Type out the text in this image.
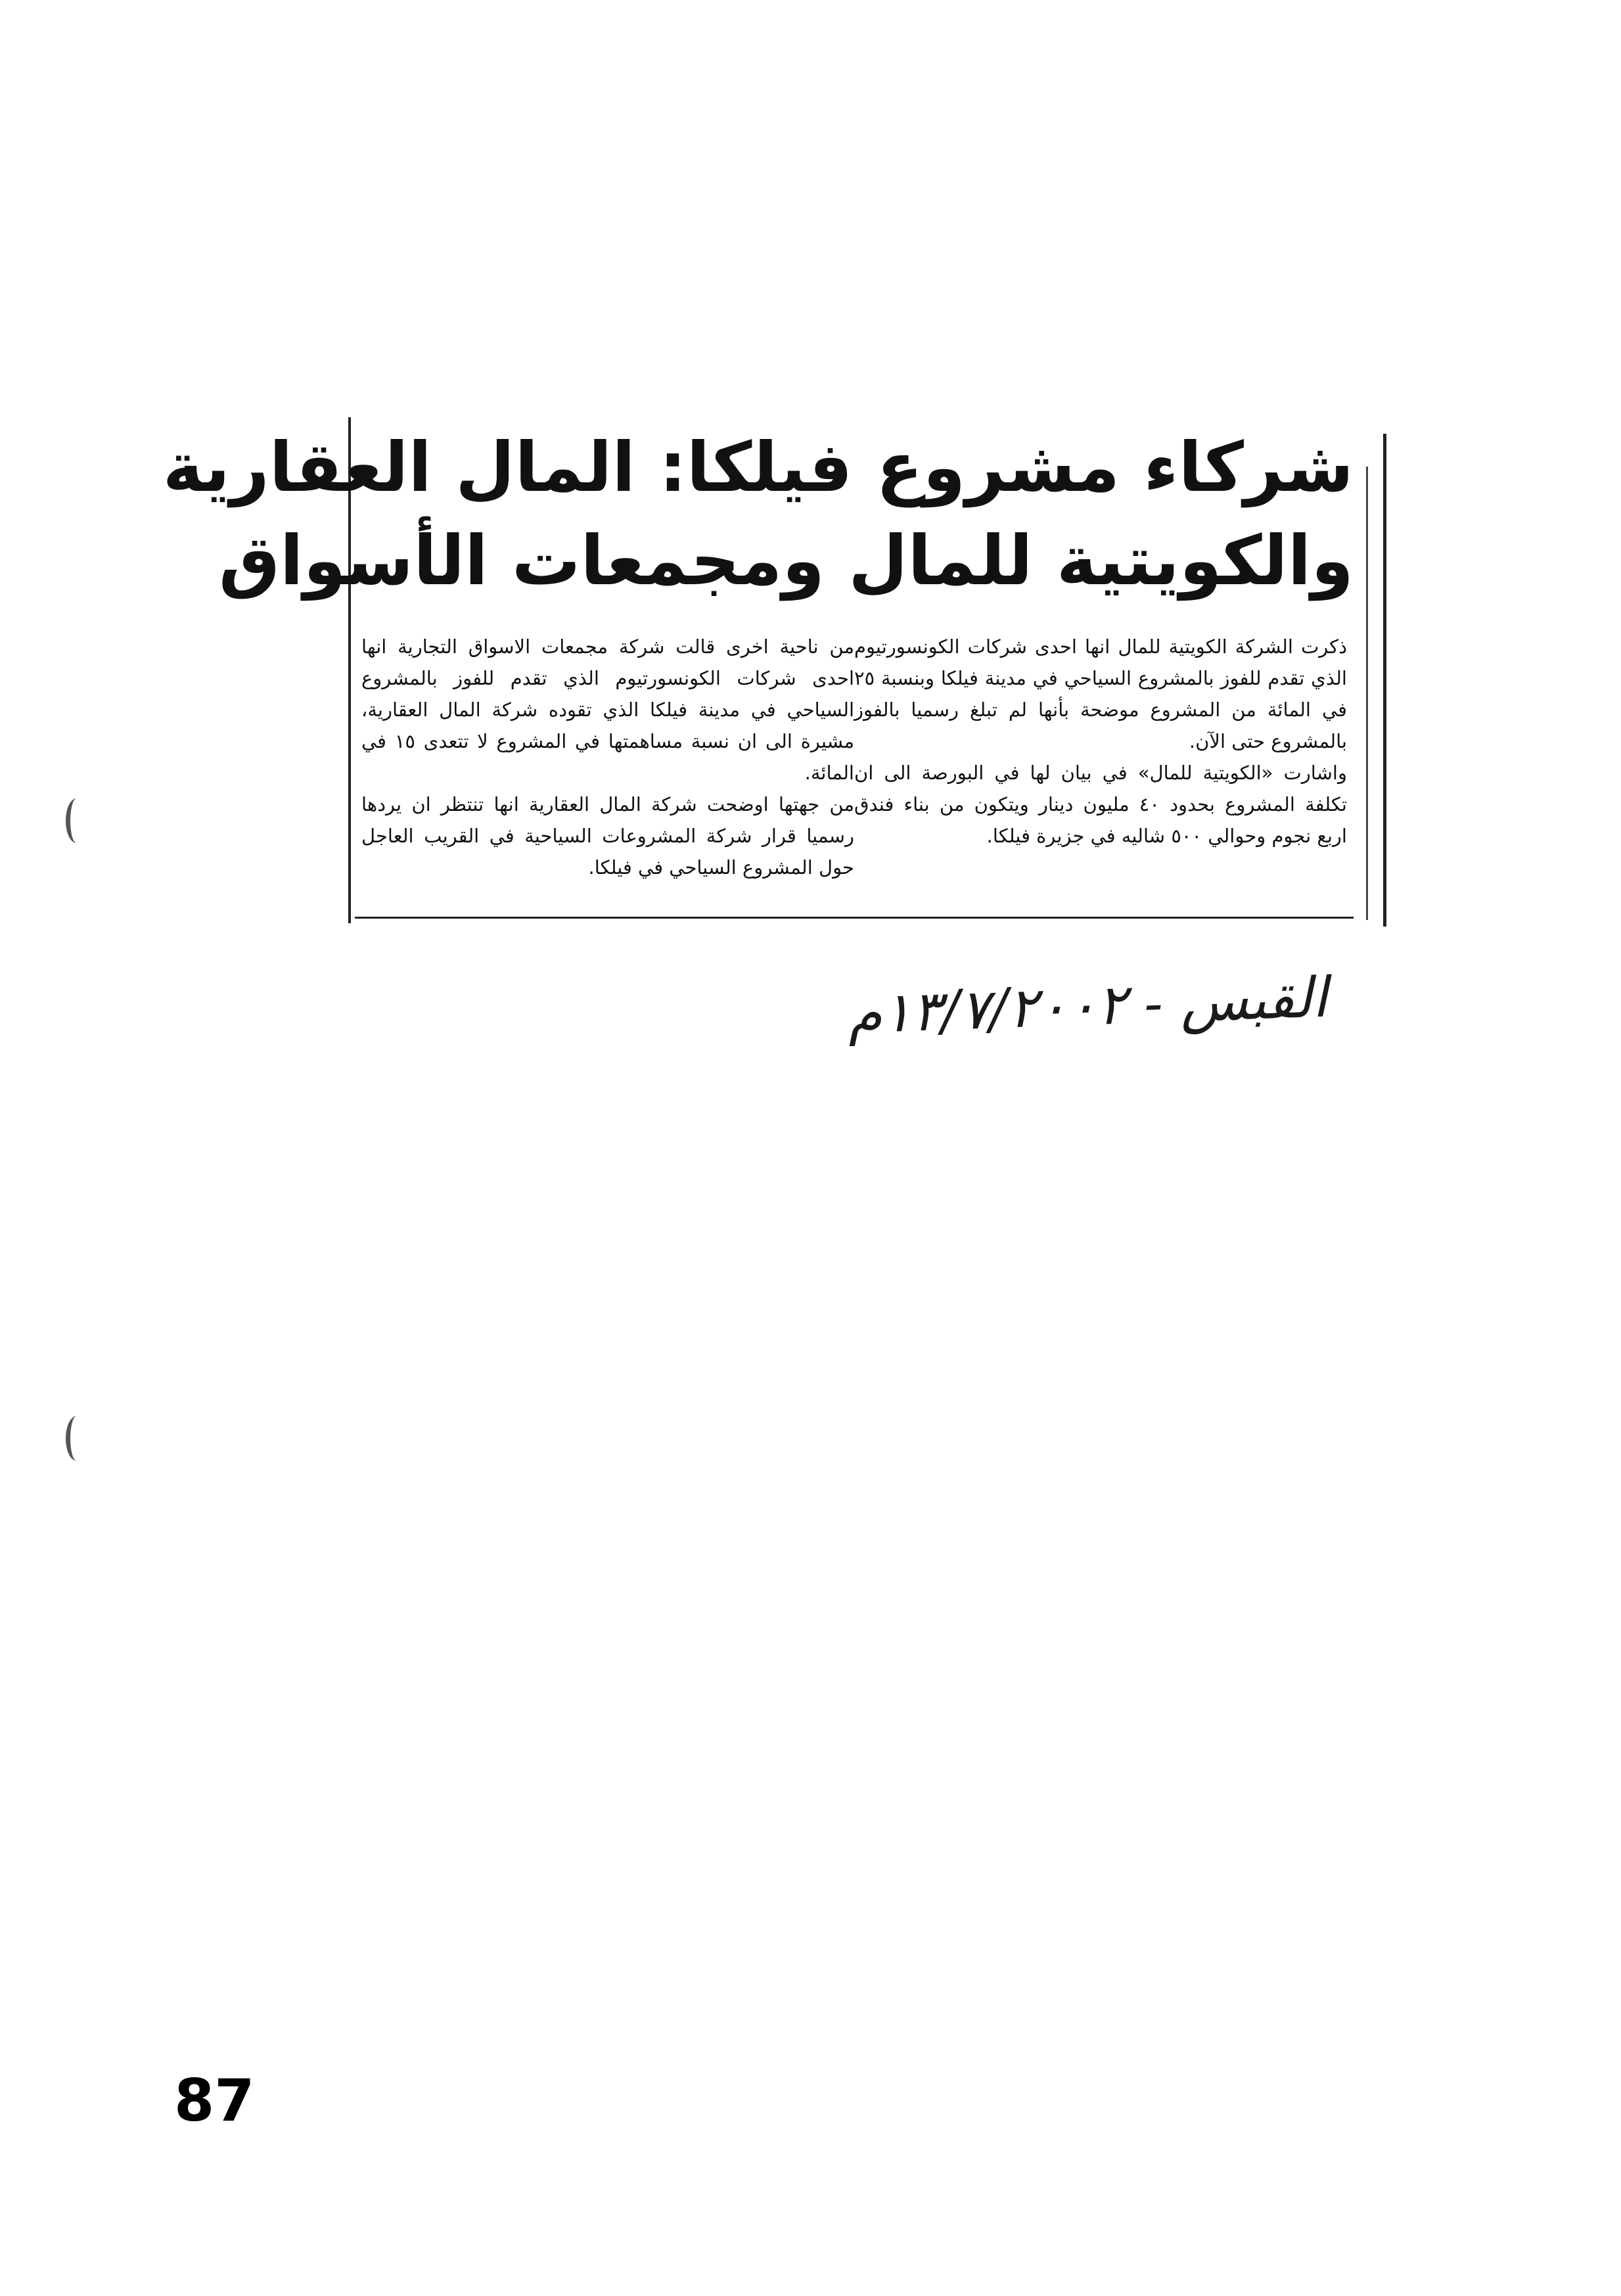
شركاء مشروع فيلكا: المال العقارية
والكويتية للمال ومجمعات الأسواق

ذكرت الشركة الكويتية للمال انها احدى شركات الكونسورتيوم الذي تقدم للفوز بالمشروع السياحي في مدينة فيلكا وبنسبة ٢٥ في المائة من المشروع موضحة بأنها لم تبلغ رسميا بالفوز بالمشروع حتى الآن.

واشارت «الكويتية للمال» في بيان لها في البورصة الى ان تكلفة المشروع بحدود ٤٠ مليون دينار ويتكون من بناء فندق اربع نجوم وحوالي ٥٠٠ شاليه في جزيرة فيلكا.

من ناحية اخرى قالت شركة مجمعات الاسواق التجارية انها احدى شركات الكونسورتيوم الذي تقدم للفوز بالمشروع السياحي في مدينة فيلكا الذي تقوده شركة المال العقارية، مشيرة الى ان نسبة مساهمتها في المشروع لا تتعدى ١٥ في المائة.

من جهتها اوضحت شركة المال العقارية انها تنتظر ان يردها رسميا قرار شركة المشروعات السياحية في القريب العاجل حول المشروع السياحي في فيلكا.

القبس - ١٣/٧/٢٠٠٢م
87
